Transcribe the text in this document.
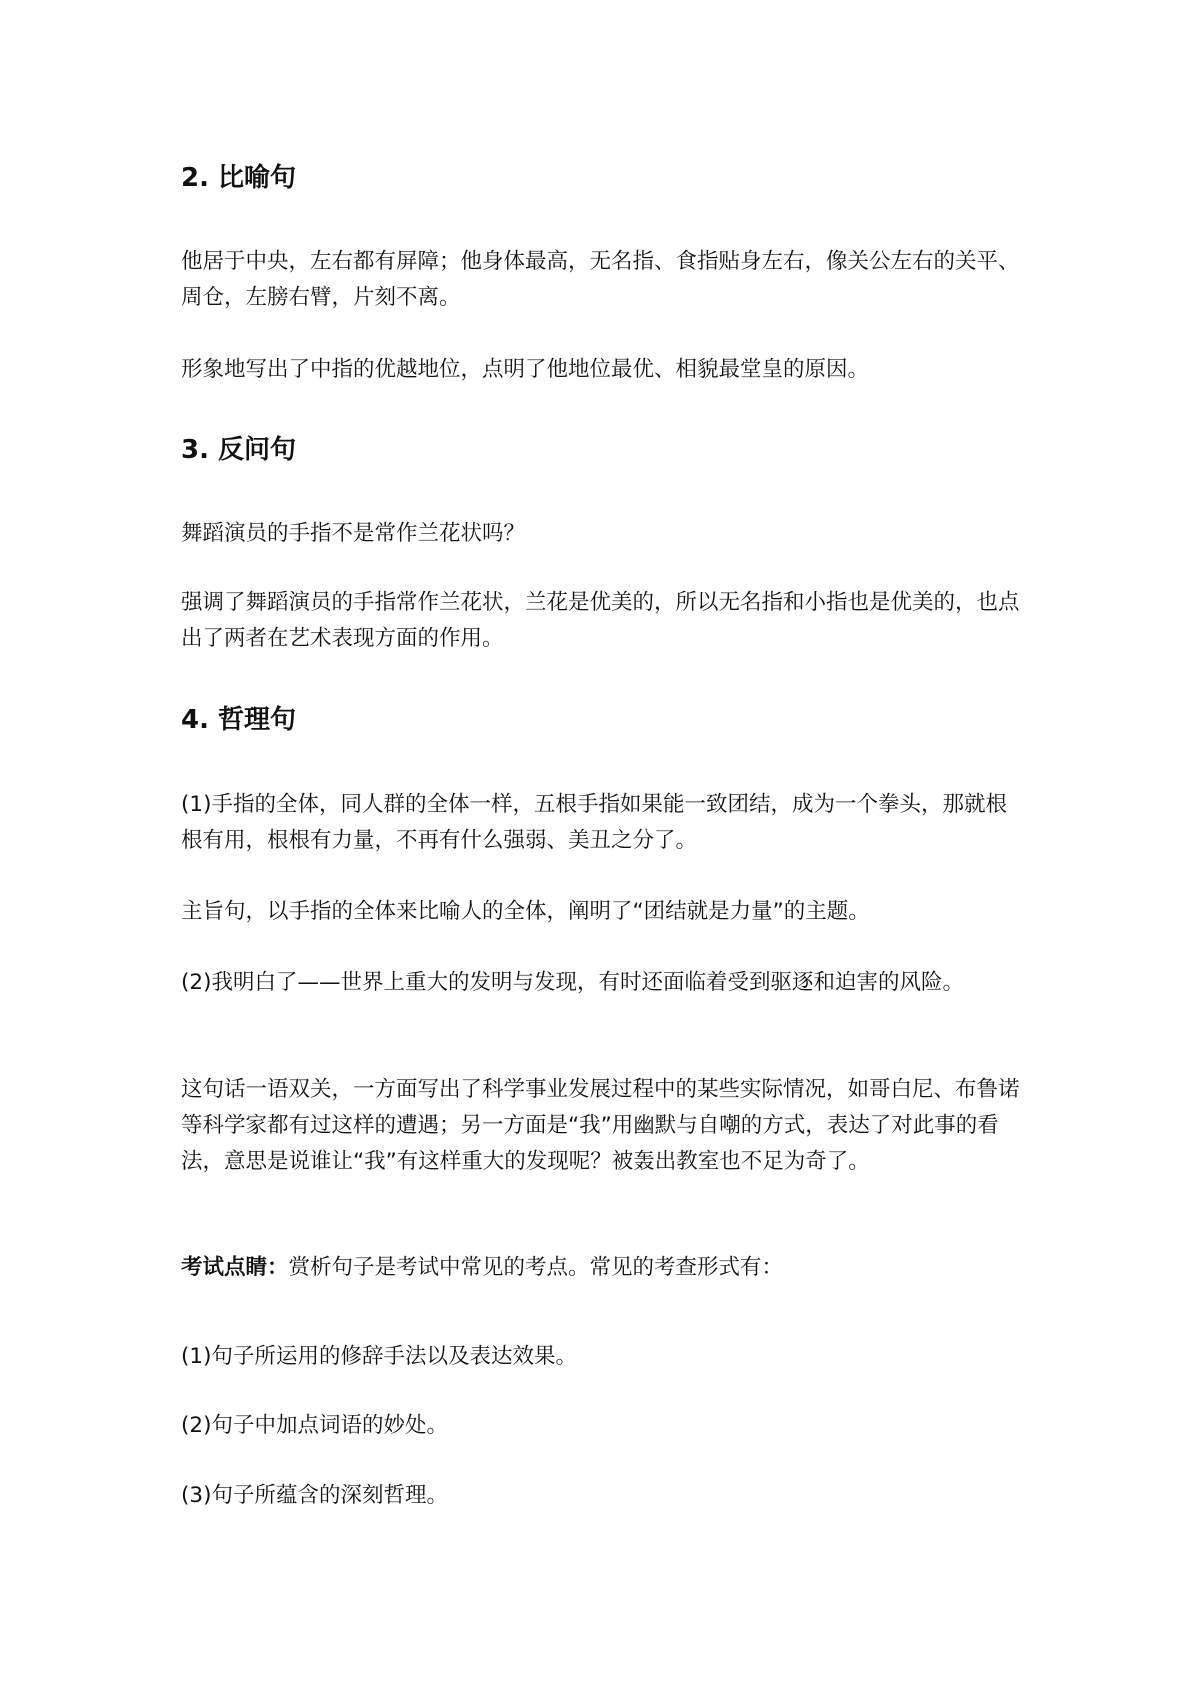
2. 比喻句

他居于中央，左右都有屏障；他身体最高，无名指、食指贴身左右，像关公左右的关平、周仓，左膀右臂，片刻不离。

形象地写出了中指的优越地位，点明了他地位最优、相貌最堂皇的原因。

3. 反问句

舞蹈演员的手指不是常作兰花状吗？

强调了舞蹈演员的手指常作兰花状，兰花是优美的，所以无名指和小指也是优美的，也点出了两者在艺术表现方面的作用。

4. 哲理句

(1)手指的全体，同人群的全体一样，五根手指如果能一致团结，成为一个拳头，那就根根有用，根根有力量，不再有什么强弱、美丑之分了。

主旨句，以手指的全体来比喻人的全体，阐明了“团结就是力量”的主题。

(2)我明白了——世界上重大的发明与发现，有时还面临着受到驱逐和迫害的风险。

这句话一语双关，一方面写出了科学事业发展过程中的某些实际情况，如哥白尼、布鲁诺等科学家都有过这样的遭遇；另一方面是“我”用幽默与自嘲的方式，表达了对此事的看法，意思是说谁让“我”有这样重大的发现呢？被轰出教室也不足为奇了。

考试点睛：赏析句子是考试中常见的考点。常见的考查形式有：

(1)句子所运用的修辞手法以及表达效果。

(2)句子中加点词语的妙处。

(3)句子所蕴含的深刻哲理。
